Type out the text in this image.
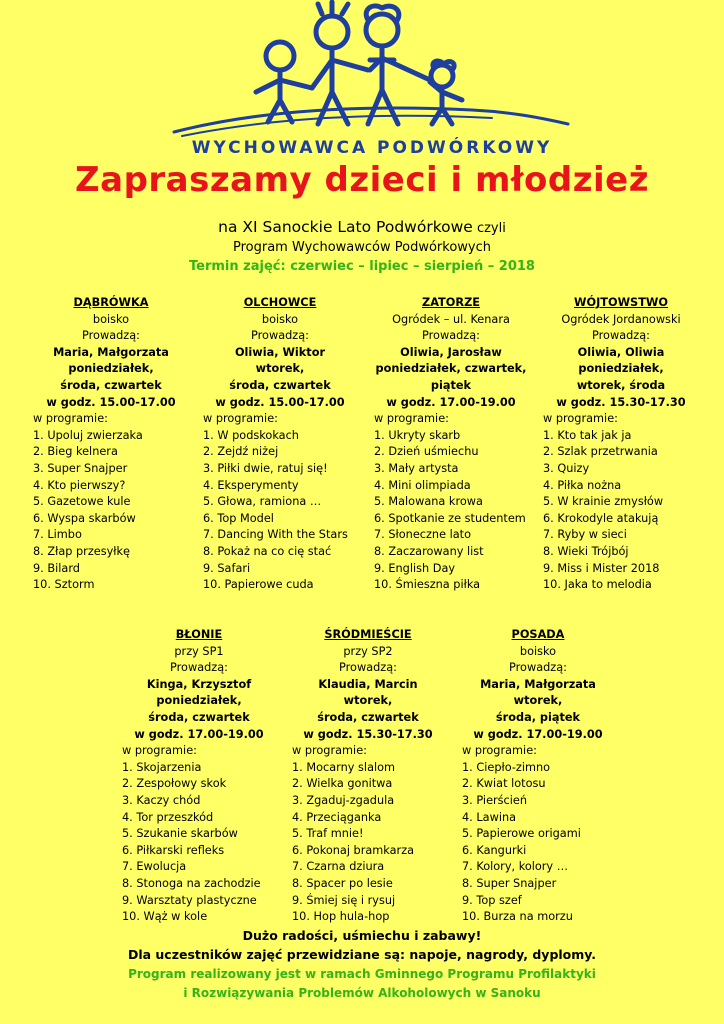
WYCHOWAWCA PODWÓRKOWY
Zapraszamy dzieci i młodzież
na XI Sanockie Lato Podwórkowe czyli
Program Wychowawców Podwórkowych
Termin zajęć: czerwiec – lipiec – sierpień – 2018
DĄBRÓWKA
boisko
Prowadzą:
Maria, Małgorzata
poniedziałek,
środa, czwartek
w godz. 15.00-17.00
w programie:
1. Upoluj zwierzaka
2. Bieg kelnera
3. Super Snajper
4. Kto pierwszy?
5. Gazetowe kule
6. Wyspa skarbów
7. Limbo
8. Złap przesyłkę
9. Bilard
10. Sztorm
OLCHOWCE
boisko
Prowadzą:
Oliwia, Wiktor
wtorek,
środa, czwartek
w godz. 15.00-17.00
w programie:
1. W podskokach
2. Zejdź niżej
3. Piłki dwie, ratuj się!
4. Eksperymenty
5. Głowa, ramiona …
6. Top Model
7. Dancing With the Stars
8. Pokaż na co cię stać
9. Safari
10. Papierowe cuda
ZATORZE
Ogródek – ul. Kenara
Prowadzą:
Oliwia, Jarosław
poniedziałek, czwartek,
piątek
w godz. 17.00-19.00
w programie:
1. Ukryty skarb
2. Dzień uśmiechu
3. Mały artysta
4. Mini olimpiada
5. Malowana krowa
6. Spotkanie ze studentem
7. Słoneczne lato
8. Zaczarowany list
9. English Day
10. Śmieszna piłka
WÓJTOWSTWO
Ogródek Jordanowski
Prowadzą:
Oliwia, Oliwia
poniedziałek,
wtorek, środa
w godz. 15.30-17.30
w programie:
1. Kto tak jak ja
2. Szlak przetrwania
3. Quizy
4. Piłka nożna
5. W krainie zmysłów
6. Krokodyle atakują
7. Ryby w sieci
8. Wieki Trójbój
9. Miss i Mister 2018
10. Jaka to melodia
BŁONIE
przy SP1
Prowadzą:
Kinga, Krzysztof
poniedziałek,
środa, czwartek
w godz. 17.00-19.00
w programie:
1. Skojarzenia
2. Zespołowy skok
3. Kaczy chód
4. Tor przeszkód
5. Szukanie skarbów
6. Piłkarski refleks
7. Ewolucja
8. Stonoga na zachodzie
9. Warsztaty plastyczne
10. Wąż w kole
ŚRÓDMIEŚCIE
przy SP2
Prowadzą:
Klaudia, Marcin
wtorek,
środa, czwartek
w godz. 15.30-17.30
w programie:
1. Mocarny slalom
2. Wielka gonitwa
3. Zgaduj-zgadula
4. Przeciąganka
5. Traf mnie!
6. Pokonaj bramkarza
7. Czarna dziura
8. Spacer po lesie
9. Śmiej się i rysuj
10. Hop hula-hop
POSADA
boisko
Prowadzą:
Maria, Małgorzata
wtorek,
środa, piątek
w godz. 17.00-19.00
w programie:
1. Ciepło-zimno
2. Kwiat lotosu
3. Pierścień
4. Lawina
5. Papierowe origami
6. Kangurki
7. Kolory, kolory …
8. Super Snajper
9. Top szef
10. Burza na morzu
Dużo radości, uśmiechu i zabawy!
Dla uczestników zajęć przewidziane są: napoje, nagrody, dyplomy.
Program realizowany jest w ramach Gminnego Programu Profilaktyki
i Rozwiązywania Problemów Alkoholowych w Sanoku
